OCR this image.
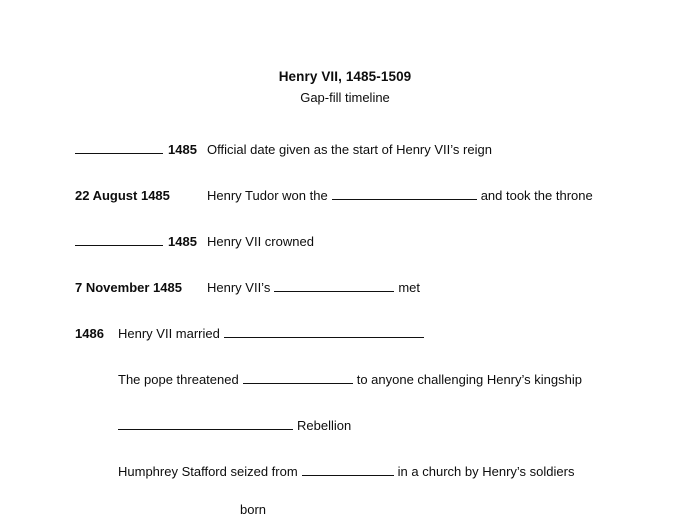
Henry VII, 1485-1509
Gap-fill timeline
1485 Official date given as the start of Henry VII’s reign
22 August 1485	Henry Tudor won the	and took the throne
1485 Henry VII crowned
7 November 1485 Henry VII’s	met
1486 Henry VII married
The pope threatened	to anyone challenging Henry’s kingship
Rebellion
Humphrey Stafford seized from	in a church by Henry’s soldiers
born
